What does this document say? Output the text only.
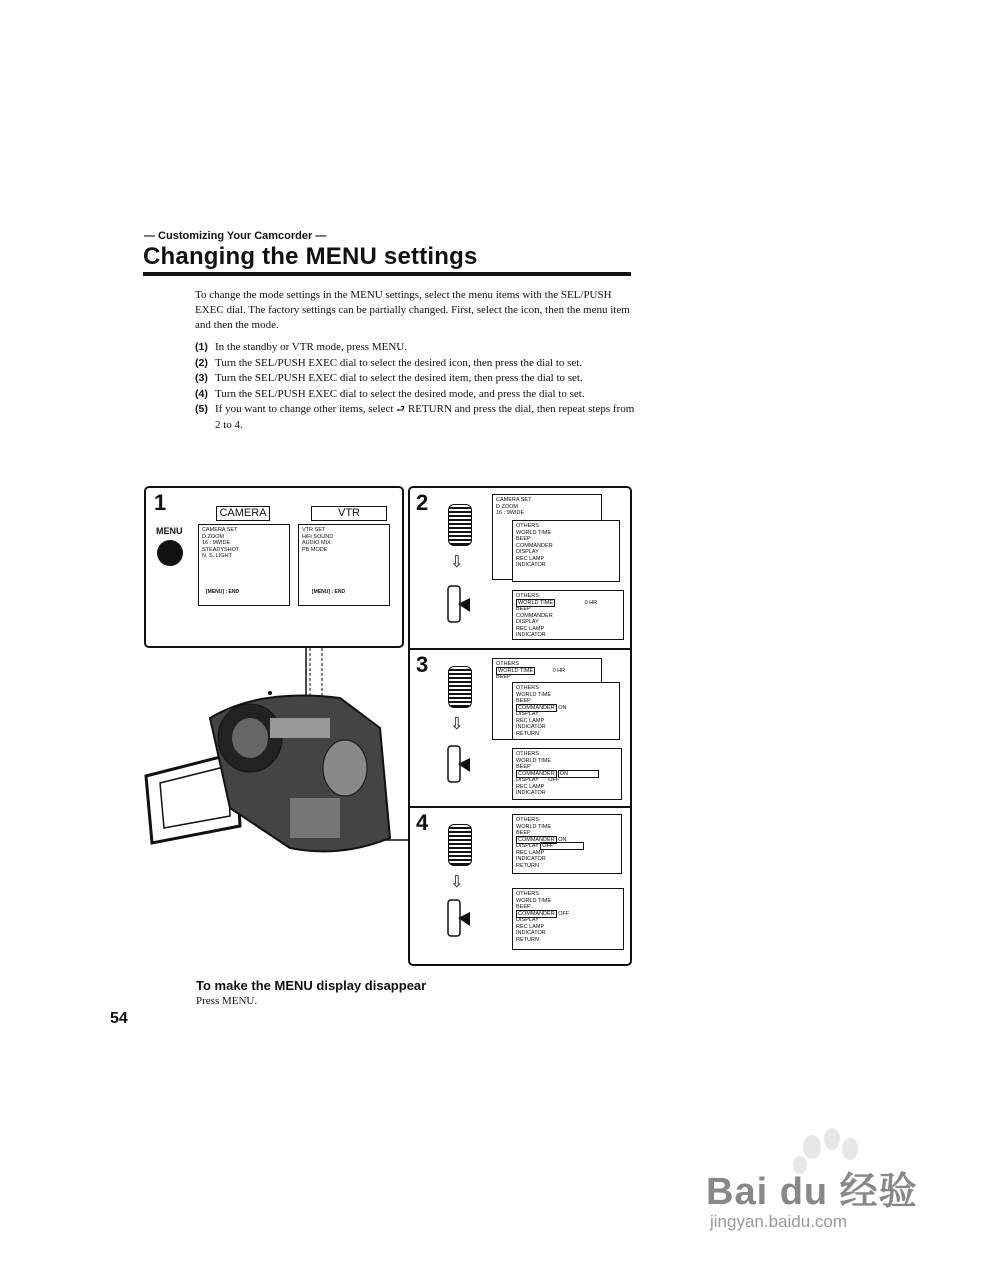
— Customizing Your Camcorder —
Changing the MENU settings
To change the mode settings in the MENU settings, select the menu items with the SEL/PUSH EXEC dial. The factory settings can be partially changed. First, select the icon, then the menu item and then the mode.
(1) In the standby or VTR mode, press MENU.
(2) Turn the SEL/PUSH EXEC dial to select the desired icon, then press the dial to set.
(3) Turn the SEL/PUSH EXEC dial to select the desired item, then press the dial to set.
(4) Turn the SEL/PUSH EXEC dial to select the desired mode, and press the dial to set.
(5) If you want to change other items, select ⮐ RETURN and press the dial, then repeat steps from 2 to 4.
1
MENU
CAMERA	VTR
CAMERA SET
D ZOOM
16 : 9WIDE
STEADYSHOT
N. S. LIGHT
[MENU] : END
VTR SET
HiFi SOUND
AUDIO MIX
PB MODE
[MENU] : END
2
⇩
CAMERA SET
D ZOOM
16 : 9WIDE
OTHERS
WORLD TIME
BEEP
COMMANDER
DISPLAY
REC LAMP
INDICATOR
OTHERS
WORLD TIME	0 HR
BEEP
COMMANDER
DISPLAY
REC LAMP
INDICATOR
3
⇩
OTHERS
WORLD TIME	0 HR
BEEP
OTHERS
WORLD TIME
BEEP
COMMANDER ON
DISPLAY
REC LAMP
INDICATOR
RETURN
OTHERS
WORLD TIME
BEEP
COMMANDER ON
DISPLAY OFF
REC LAMP
INDICATOR
4
⇩
OTHERS
WORLD TIME
BEEP
COMMANDER ON
DISPLAY OFF
REC LAMP
INDICATOR
RETURN
OTHERS
WORLD TIME
BEEP
COMMANDER OFF
DISPLAY
REC LAMP
INDICATOR
RETURN
To make the MENU display disappear
Press MENU.
54
Bai du 经验
jingyan.baidu.com
